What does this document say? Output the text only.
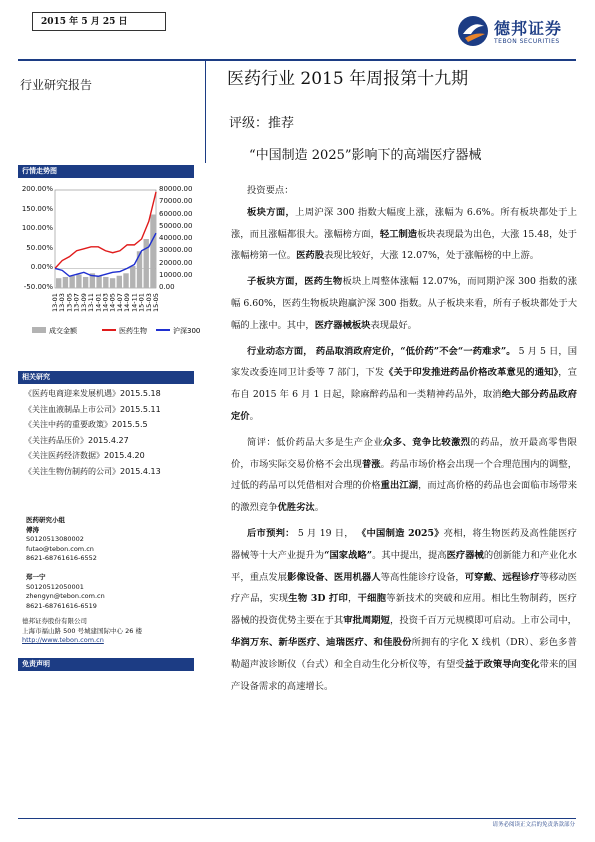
2015 年 5 月 25 日	德邦证券
TEBON SECURITIES
行业研究报告	医药行业 2015 年周报第十九期
评级：推荐
“中国制造 2025”影响下的高端医疗器械
行情走势图
13-01 13-03 13-05 13-07 13-09 13-11 14-01 14-03 14-05 14-07 14-09 14-11 15-01 15-03 15-05
成交金额	医药生物	沪深300
200.00%
150.00%
100.00%
50.00%
0.00%
-50.00%
80000.00
70000.00
60000.00
50000.00
40000.00
30000.00
20000.00
10000.00
0.00
相关研究
《医药电商迎来发展机遇》2015.5.18
《关注血液制品上市公司》2015.5.11
《关注中药的重要政策》2015.5.5
《关注药品压价》2015.4.27
《关注医药经济数据》2015.4.20
《关注生物仿制药的公司》2015.4.13
医药研究小组
傅涛
S0120513080002
futao@tebon.com.cn
8621-68761616-6552
郑一宁
S0120512050001
zhengyn@tebon.com.cn
8621-68761616-6519
德邦证券股份有限公司
上海市福山路 500 号城建国际中心 26 楼
http://www.tebon.com.cn
免责声明

投资要点：

板块方面，上周沪深 300 指数大幅度上涨，涨幅为 6.6%。所有板块都处于上涨，而且涨幅都很大。涨幅榜方面，轻工制造板块表现最为出色，大涨 15.48，处于涨幅榜第一位。医药股表现比较好，大涨 12.07%，处于涨幅榜的中上游。

子板块方面，医药生物板块上周整体涨幅 12.07%，而同期沪深 300 指数的涨幅 6.60%，医药生物板块跑赢沪深 300 指数。从子板块来看，所有子板块都处于大幅的上涨中。其中，医疗器械板块表现最好。

行业动态方面， 药品取消政府定价，“低价药”不会“一药难求”。 5 月 5 日，国家发改委连同卫计委等 7 部门，下发《关于印发推进药品价格改革意见的通知》，宣布自 2015 年 6 月 1 日起，除麻醉药品和一类精神药品外，取消绝大部分药品政府定价。

简评：低价药品大多是生产企业众多、竞争比较激烈的药品，放开最高零售限价，市场实际交易价格不会出现普涨。药品市场价格会出现一个合理范围内的调整，过低的药品可以凭借相对合理的价格重出江湖，而过高价格的药品也会面临市场带来的激烈竞争优胜劣汰。

后市预判： 5 月 19 日， 《中国制造 2025》亮相，将生物医药及高性能医疗器械等十大产业提升为“国家战略”。其中提出，提高医疗器械的创新能力和产业化水平，重点发展影像设备、医用机器人等高性能诊疗设备，可穿戴、远程诊疗等移动医疗产品，实现生物 3D 打印，干细胞等新技术的突破和应用。相比生物制药，医疗器械的投资优势主要在于其审批周期短，投资千百万元规模即可启动。上市公司中，华润万东、新华医疗、迪瑞医疗、和佳股份所拥有的字化 X 线机（DR）、彩色多普勒超声波诊断仪（台式）和全自动生化分析仪等，有望受益于政策导向变化带来的国产设备需求的高速增长。

请务必阅读正文后的免责条款部分
